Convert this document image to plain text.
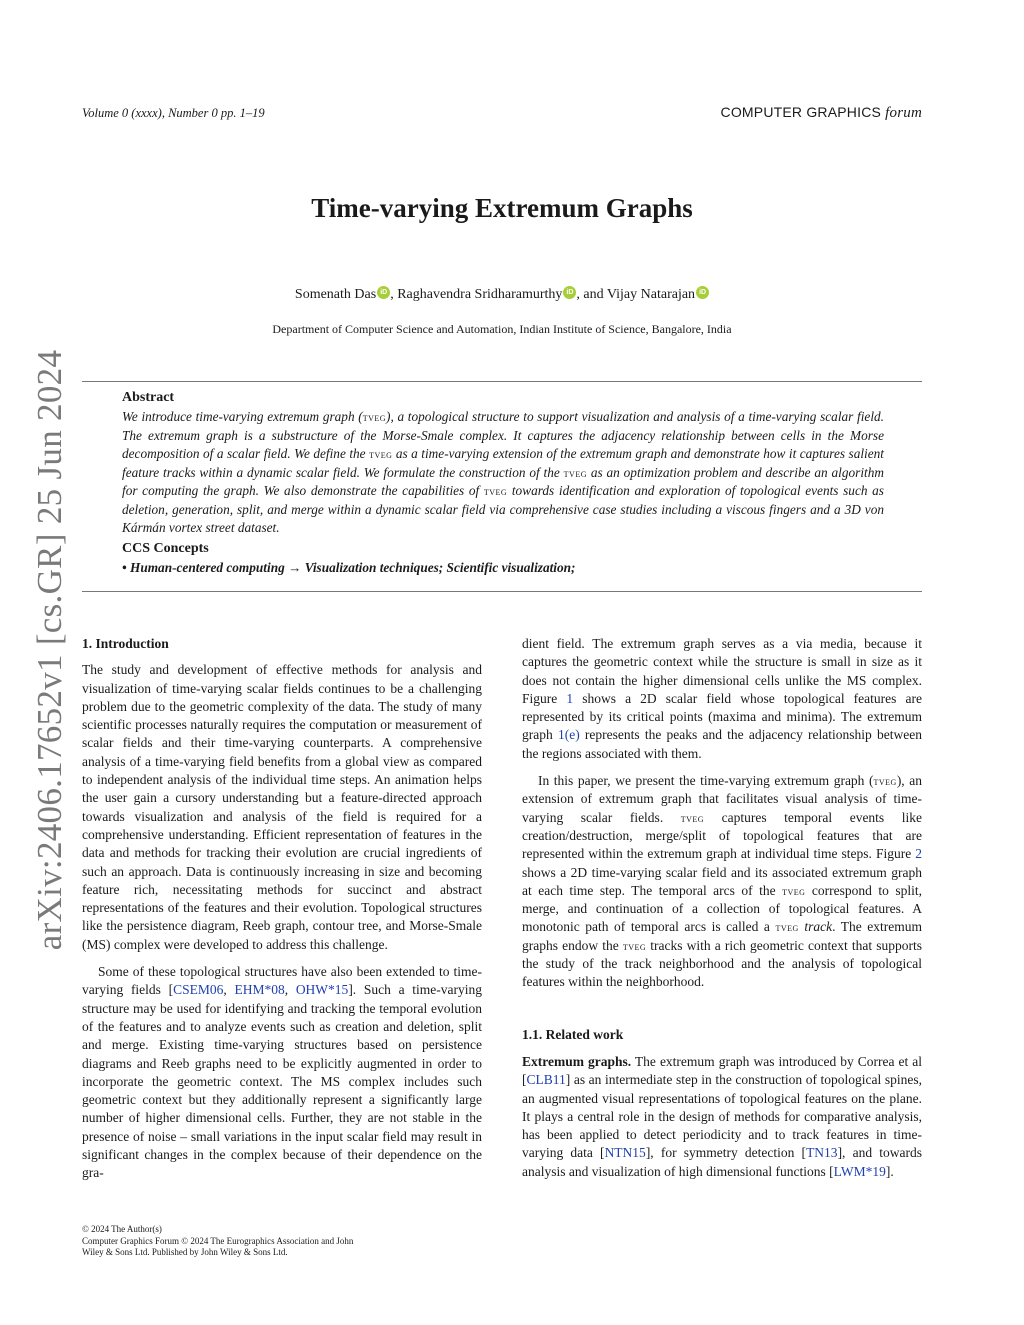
Volume 0 (xxxx), Number 0 pp. 1–19	COMPUTER GRAPHICS forum
Time-varying Extremum Graphs
Somenath Das iD , Raghavendra Sridharamurthy iD , and Vijay Natarajan iD
Department of Computer Science and Automation, Indian Institute of Science, Bangalore, India
arXiv:2406.17652v1 [cs.GR] 25 Jun 2024	Abstract
We introduce time-varying extremum graph (tveg), a topological structure to support visualization and analysis of a time-varying scalar field. The extremum graph is a substructure of the Morse-Smale complex. It captures the adjacency relationship between cells in the Morse decomposition of a scalar field. We define the tveg as a time-varying extension of the extremum graph and demonstrate how it captures salient feature tracks within a dynamic scalar field. We formulate the construction of the tveg as an optimization problem and describe an algorithm for computing the graph. We also demonstrate the capabilities of tveg towards identification and exploration of topological events such as deletion, generation, split, and merge within a dynamic scalar field via comprehensive case studies including a viscous fingers and a 3D von Kármán vortex street dataset.
CCS Concepts
• Human-centered computing → Visualization techniques; Scientific visualization;

1. Introduction

The study and development of effective methods for analysis and visualization of time-varying scalar fields continues to be a challenging problem due to the geometric complexity of the data. The study of many scientific processes naturally requires the computation or measurement of scalar fields and their time-varying counterparts. A comprehensive analysis of a time-varying field benefits from a global view as compared to independent analysis of the individual time steps. An animation helps the user gain a cursory understanding but a feature-directed approach towards visualization and analysis of the field is required for a comprehensive understanding. Efficient representation of features in the data and methods for tracking their evolution are crucial ingredients of such an approach. Data is continuously increasing in size and becoming feature rich, necessitating methods for succinct and abstract representations of the features and their evolution. Topological structures like the persistence diagram, Reeb graph, contour tree, and Morse-Smale (MS) complex were developed to address this challenge.

Some of these topological structures have also been extended to time-varying fields [CSEM06, EHM*08, OHW*15]. Such a time-varying structure may be used for identifying and tracking the temporal evolution of the features and to analyze events such as creation and deletion, split and merge. Existing time-varying structures based on persistence diagrams and Reeb graphs need to be explicitly augmented in order to incorporate the geometric context. The MS complex includes such geometric context but they additionally represent a significantly large number of higher dimensional cells. Further, they are not stable in the presence of noise – small variations in the input scalar field may result in significant changes in the complex because of their dependence on the gra-

dient field. The extremum graph serves as a via media, because it captures the geometric context while the structure is small in size as it does not contain the higher dimensional cells unlike the MS complex. Figure 1 shows a 2D scalar field whose topological features are represented by its critical points (maxima and minima). The extremum graph 1(e) represents the peaks and the adjacency relationship between the regions associated with them.

In this paper, we present the time-varying extremum graph (tveg), an extension of extremum graph that facilitates visual analysis of time-varying scalar fields. tveg captures temporal events like creation/destruction, merge/split of topological features that are represented within the extremum graph at individual time steps. Figure 2 shows a 2D time-varying scalar field and its associated extremum graph at each time step. The temporal arcs of the tveg correspond to split, merge, and continuation of a collection of topological features. A monotonic path of temporal arcs is called a tveg track. The extremum graphs endow the tveg tracks with a rich geometric context that supports the study of the track neighborhood and the analysis of topological features within the neighborhood.

1.1. Related work

Extremum graphs. The extremum graph was introduced by Correa et al [CLB11] as an intermediate step in the construction of topological spines, an augmented visual representations of topological features on the plane. It plays a central role in the design of methods for comparative analysis, has been applied to detect periodicity and to track features in time-varying data [NTN15], for symmetry detection [TN13], and towards analysis and visualization of high dimensional functions [LWM*19].

© 2024 The Author(s)
Computer Graphics Forum © 2024 The Eurographics Association and John
Wiley & Sons Ltd. Published by John Wiley & Sons Ltd.
